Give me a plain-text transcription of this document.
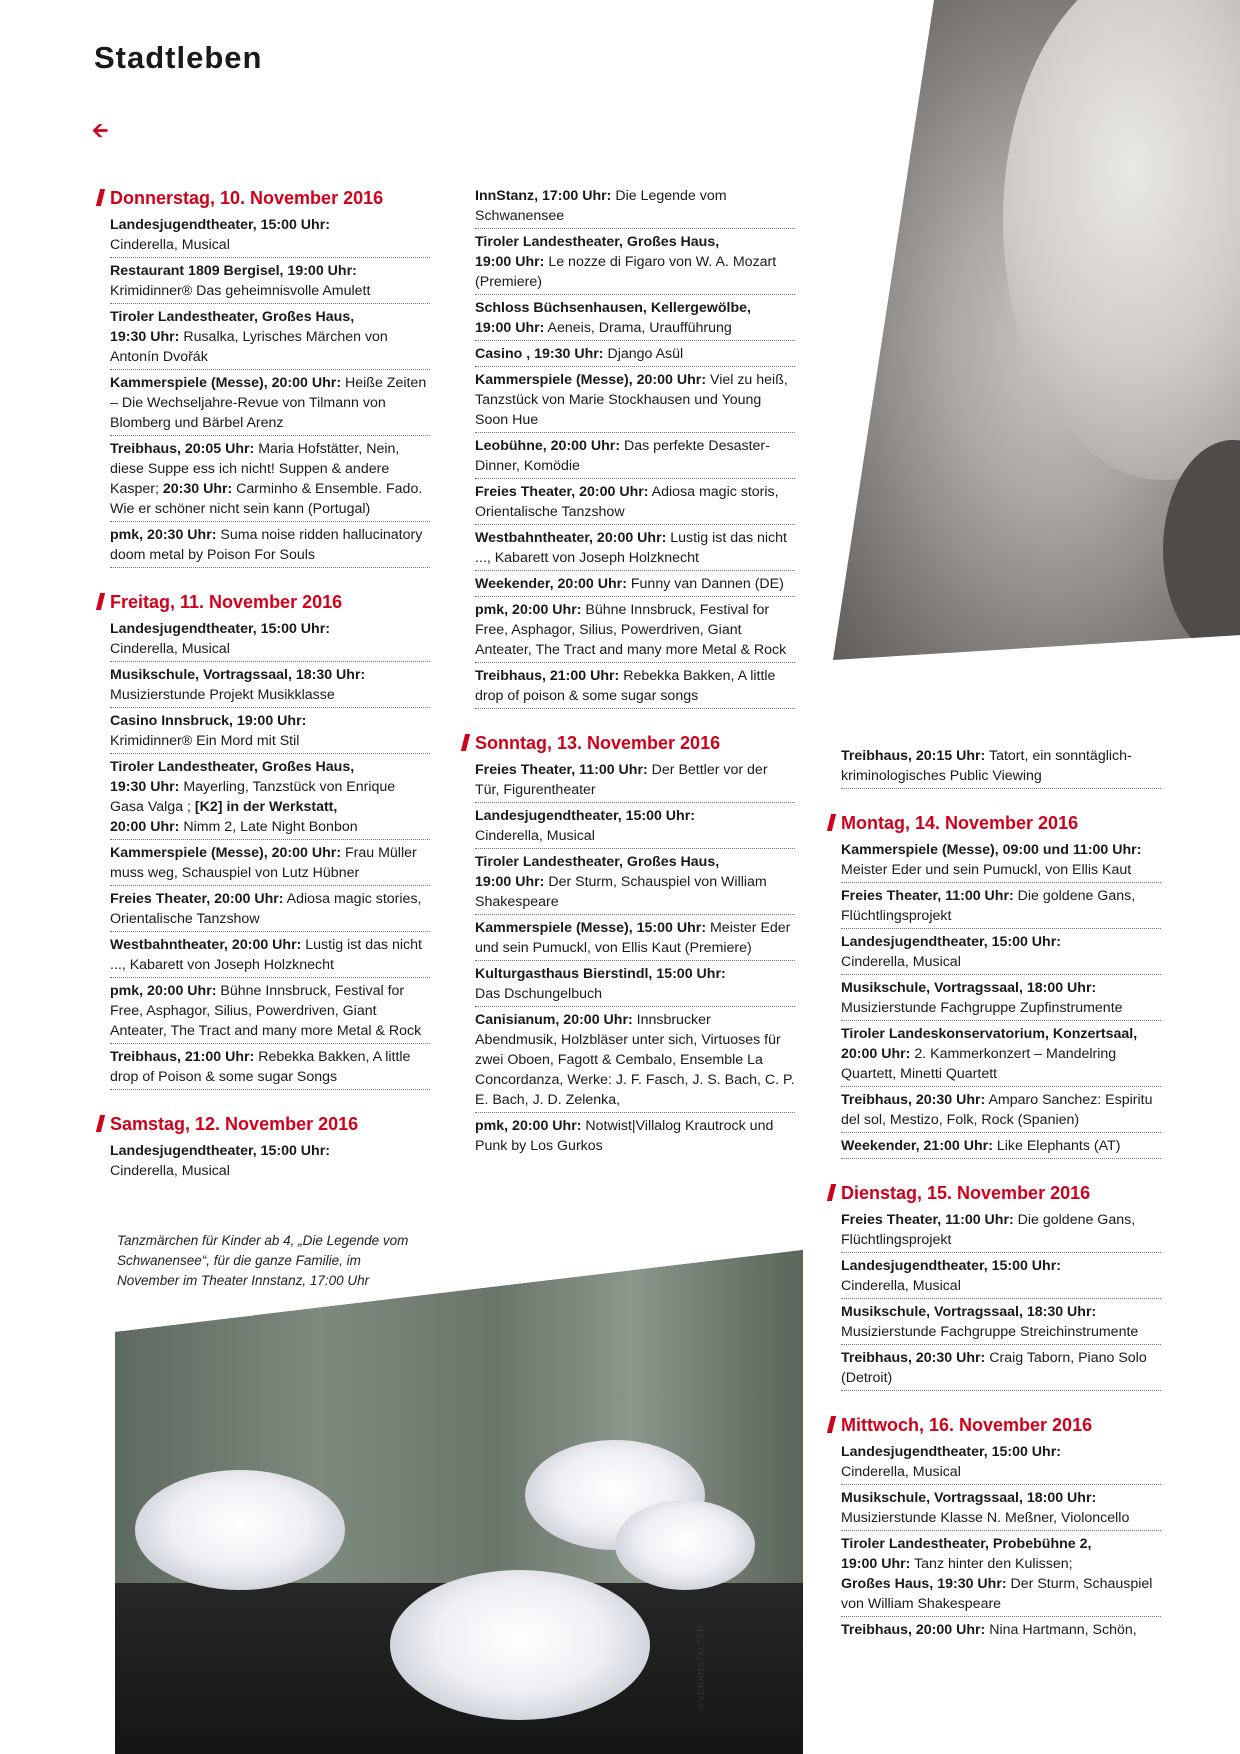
Stadtleben
🡨
Donnerstag, 10. November 2016
Landesjugendtheater, 15:00 Uhr:
Cinderella, Musical
Restaurant 1809 Bergisel, 19:00 Uhr:
Krimidinner® Das geheimnisvolle Amulett
Tiroler Landestheater, Großes Haus,
19:30 Uhr: Rusalka, Lyrisches Märchen von Antonín Dvořák
Kammerspiele (Messe), 20:00 Uhr: Heiße Zeiten – Die Wechseljahre-Revue von Tilmann von Blomberg und Bärbel Arenz
Treibhaus, 20:05 Uhr: Maria Hofstätter, Nein, diese Suppe ess ich nicht! Suppen & andere Kasper; 20:30 Uhr: Carminho & Ensemble. Fado. Wie er schöner nicht sein kann (Portugal)
pmk, 20:30 Uhr: Suma noise ridden hallucinatory doom metal by Poison For Souls
Freitag, 11. November 2016
Landesjugendtheater, 15:00 Uhr:
Cinderella, Musical
Musikschule, Vortragssaal, 18:30 Uhr:
Musizierstunde Projekt Musikklasse
Casino Innsbruck, 19:00 Uhr:
Krimidinner® Ein Mord mit Stil
Tiroler Landestheater, Großes Haus,
19:30 Uhr: Mayerling, Tanzstück von Enrique Gasa Valga ; [K2] in der Werkstatt,
20:00 Uhr: Nimm 2, Late Night Bonbon
Kammerspiele (Messe), 20:00 Uhr: Frau Müller muss weg, Schauspiel von Lutz Hübner
Freies Theater, 20:00 Uhr: Adiosa magic stories, Orientalische Tanzshow
Westbahntheater, 20:00 Uhr: Lustig ist das nicht ..., Kabarett von Joseph Holzknecht
pmk, 20:00 Uhr: Bühne Innsbruck, Festival for Free, Asphagor, Silius, Powerdriven, Giant Anteater, The Tract and many more Metal & Rock
Treibhaus, 21:00 Uhr: Rebekka Bakken, A little drop of Poison & some sugar Songs
Samstag, 12. November 2016
Landesjugendtheater, 15:00 Uhr:
Cinderella, Musical
InnStanz, 17:00 Uhr: Die Legende vom Schwanensee
Tiroler Landestheater, Großes Haus,
19:00 Uhr: Le nozze di Figaro von W. A. Mozart (Premiere)
Schloss Büchsenhausen, Kellergewölbe,
19:00 Uhr: Aeneis, Drama, Uraufführung
Casino , 19:30 Uhr: Django Asül
Kammerspiele (Messe), 20:00 Uhr: Viel zu heiß, Tanzstück von Marie Stockhausen und Young Soon Hue
Leobühne, 20:00 Uhr: Das perfekte Desaster-Dinner, Komödie
Freies Theater, 20:00 Uhr: Adiosa magic storis, Orientalische Tanzshow
Westbahntheater, 20:00 Uhr: Lustig ist das nicht ..., Kabarett von Joseph Holzknecht
Weekender, 20:00 Uhr: Funny van Dannen (DE)
pmk, 20:00 Uhr: Bühne Innsbruck, Festival for Free, Asphagor, Silius, Powerdriven, Giant Anteater, The Tract and many more Metal & Rock
Treibhaus, 21:00 Uhr: Rebekka Bakken, A little drop of poison & some sugar songs
Sonntag, 13. November 2016
Freies Theater, 11:00 Uhr: Der Bettler vor der Tür, Figurentheater
Landesjugendtheater, 15:00 Uhr:
Cinderella, Musical
Tiroler Landestheater, Großes Haus,
19:00 Uhr: Der Sturm, Schauspiel von William Shakespeare
Kammerspiele (Messe), 15:00 Uhr: Meister Eder und sein Pumuckl, von Ellis Kaut (Premiere)
Kulturgasthaus Bierstindl, 15:00 Uhr:
Das Dschungelbuch
Canisianum, 20:00 Uhr: Innsbrucker Abendmusik, Holzbläser unter sich, Virtuoses für zwei Oboen, Fagott & Cembalo, Ensemble La Concordanza, Werke: J. F. Fasch, J. S. Bach, C. P. E. Bach, J. D. Zelenka,
pmk, 20:00 Uhr: Notwist|Villalog Krautrock und Punk by Los Gurkos
Treibhaus, 20:15 Uhr: Tatort, ein sonntäglich-kriminologisches Public Viewing
Montag, 14. November 2016
Kammerspiele (Messe), 09:00 und 11:00 Uhr: Meister Eder und sein Pumuckl, von Ellis Kaut
Freies Theater, 11:00 Uhr: Die goldene Gans, Flüchtlingsprojekt
Landesjugendtheater, 15:00 Uhr:
Cinderella, Musical
Musikschule, Vortragssaal, 18:00 Uhr:
Musizierstunde Fachgruppe Zupfinstrumente
Tiroler Landeskonservatorium, Konzertsaal, 20:00 Uhr: 2. Kammerkonzert – Mandelring Quartett, Minetti Quartett
Treibhaus, 20:30 Uhr: Amparo Sanchez: Espiritu del sol, Mestizo, Folk, Rock (Spanien)
Weekender, 21:00 Uhr: Like Elephants (AT)
Dienstag, 15. November 2016
Freies Theater, 11:00 Uhr: Die goldene Gans, Flüchtlingsprojekt
Landesjugendtheater, 15:00 Uhr:
Cinderella, Musical
Musikschule, Vortragssaal, 18:30 Uhr:
Musizierstunde Fachgruppe Streichinstrumente
Treibhaus, 20:30 Uhr: Craig Taborn, Piano Solo (Detroit)
Mittwoch, 16. November 2016
Landesjugendtheater, 15:00 Uhr:
Cinderella, Musical
Musikschule, Vortragssaal, 18:00 Uhr:
Musizierstunde Klasse N. Meßner, Violoncello
Tiroler Landestheater, Probebühne 2,
19:00 Uhr: Tanz hinter den Kulissen;
Großes Haus, 19:30 Uhr: Der Sturm, Schauspiel von William Shakespeare
Treibhaus, 20:00 Uhr: Nina Hartmann, Schön,
Tanzmärchen für Kinder ab 4, „Die Legende vom Schwanensee“, für die ganze Familie, im November im Theater Innstanz, 17:00 Uhr
©VERANSTALTER
